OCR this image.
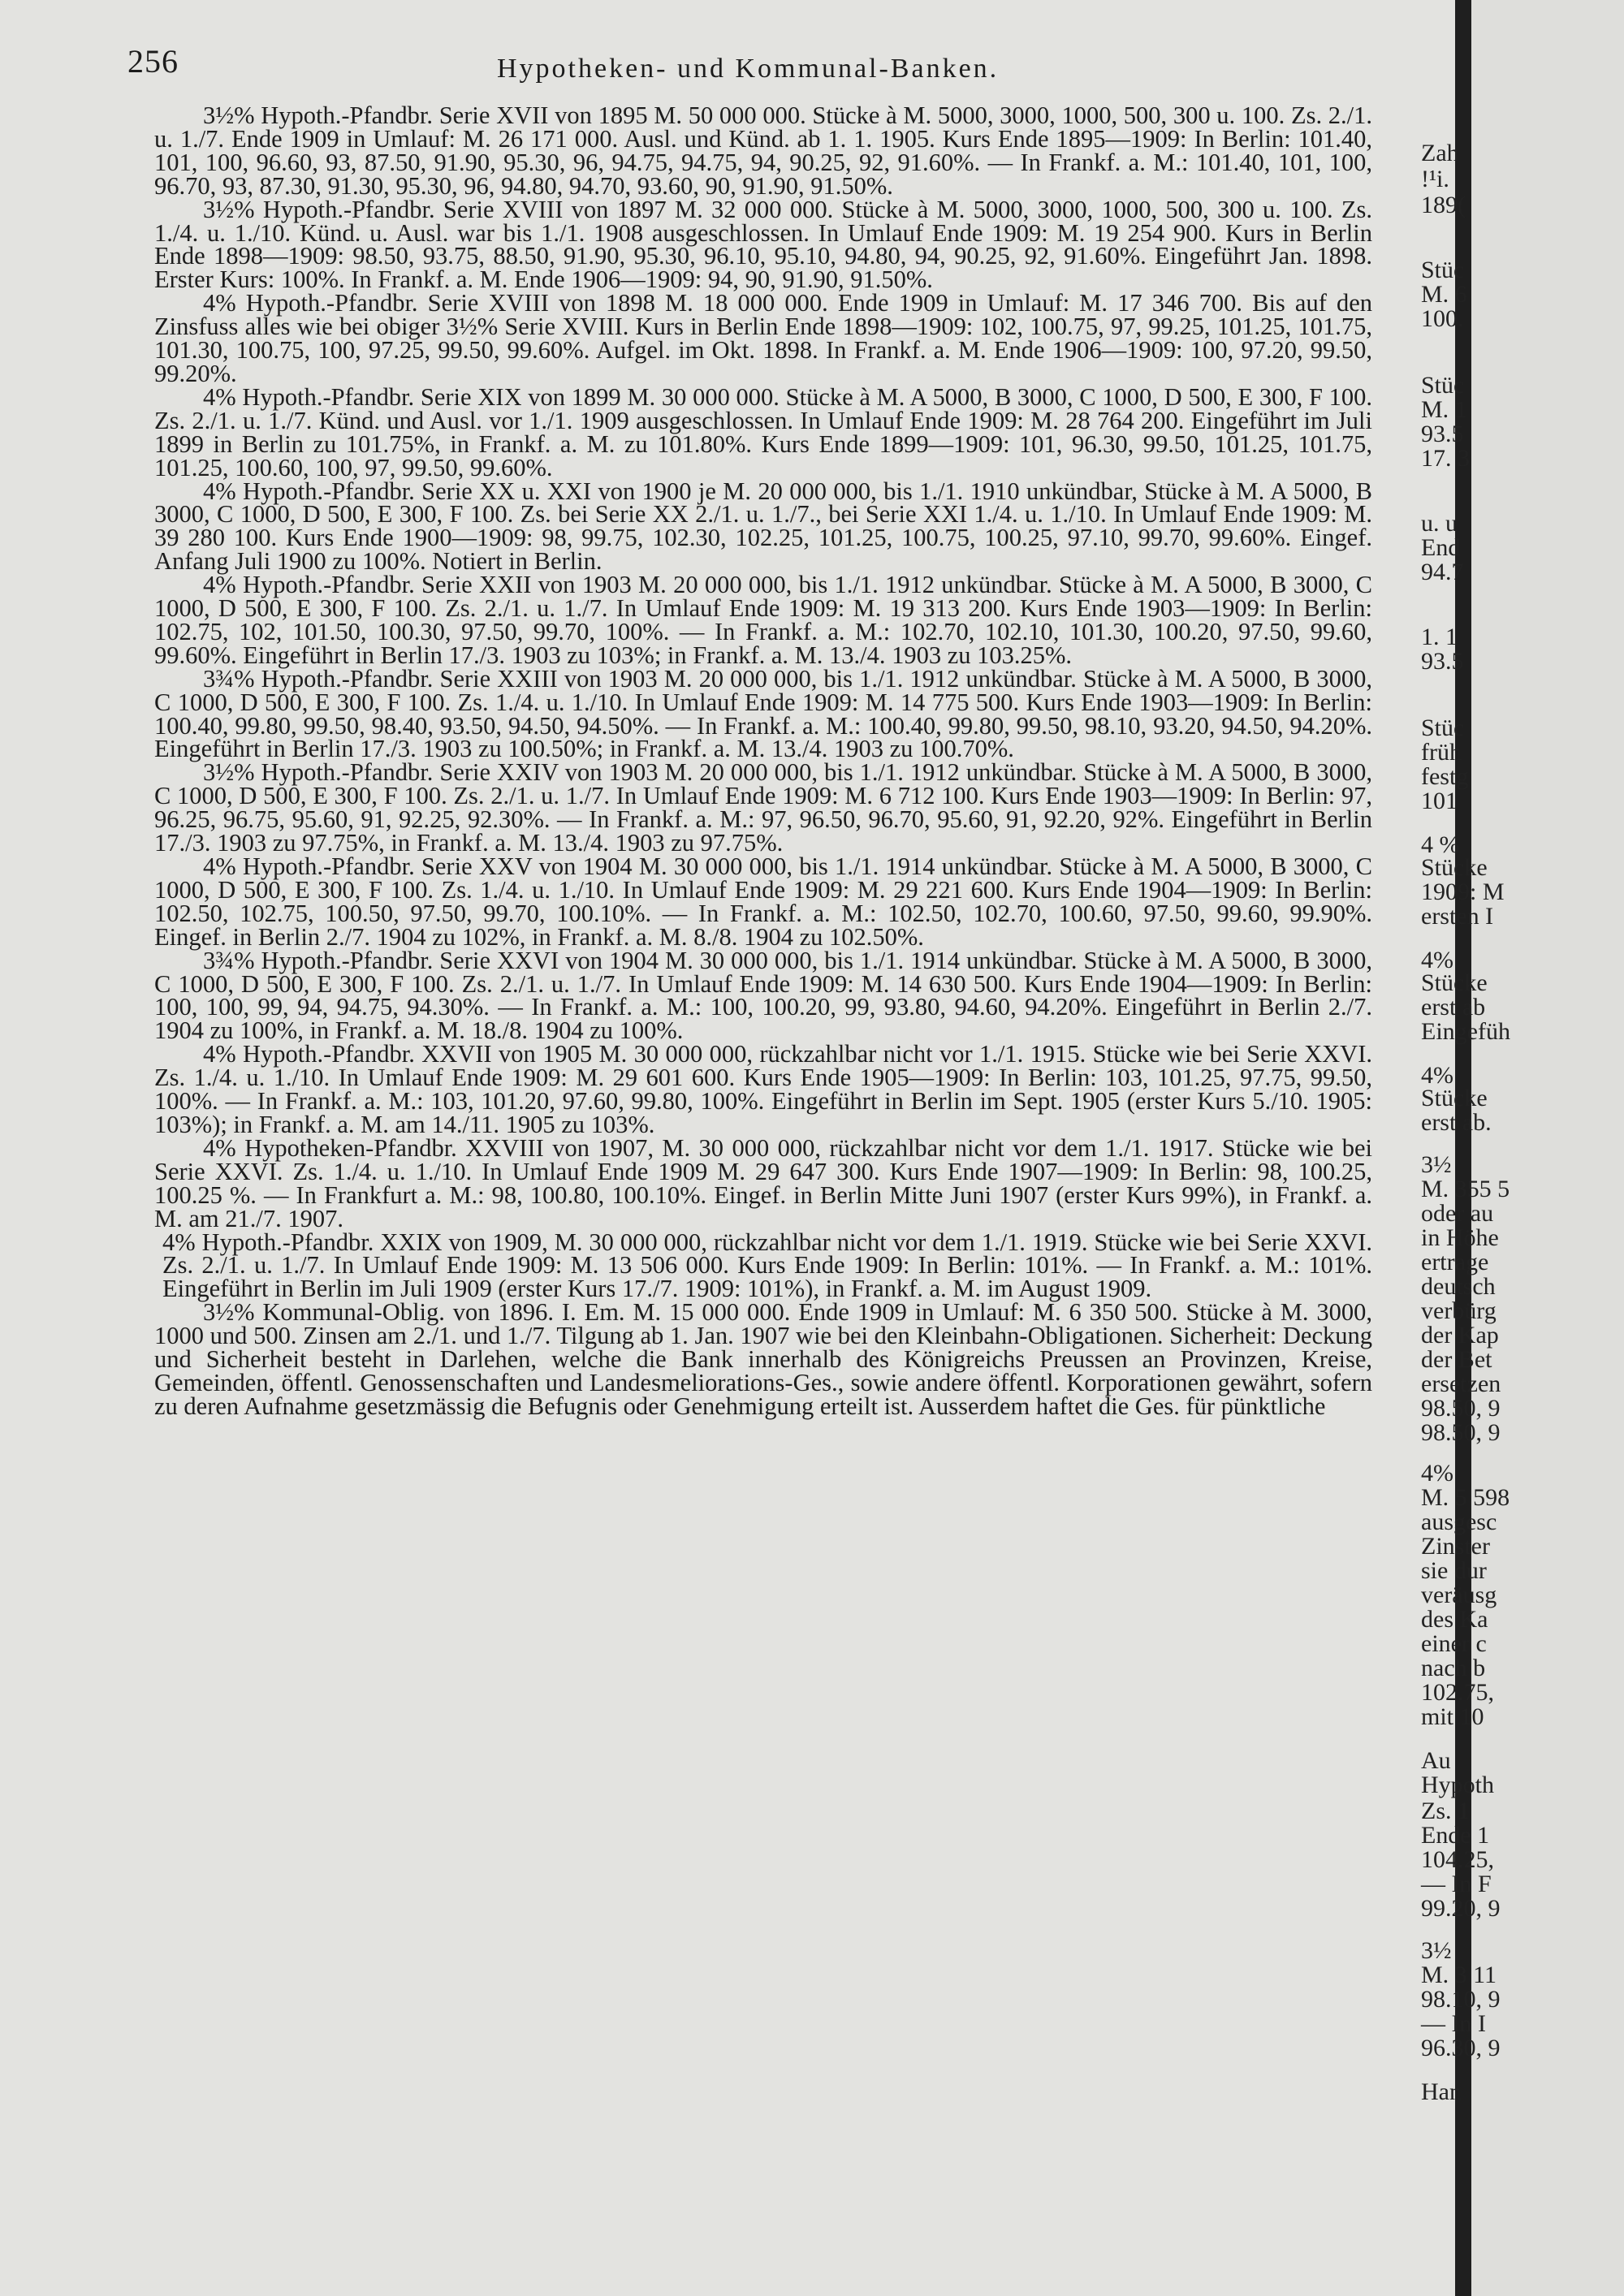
256	Hypotheken- und Kommunal-Banken.

3½% Hypoth.-Pfandbr. Serie XVII von 1895 M. 50 000 000. Stücke à M. 5000, 3000, 1000, 500, 300 u. 100. Zs. 2./1. u. 1./7. Ende 1909 in Umlauf: M. 26 171 000. Ausl. und Künd. ab 1. 1. 1905. Kurs Ende 1895—1909: In Berlin: 101.40, 101, 100, 96.60, 93, 87.50, 91.90, 95.30, 96, 94.75, 94.75, 94, 90.25, 92, 91.60%. — In Frankf. a. M.: 101.40, 101, 100, 96.70, 93, 87.30, 91.30, 95.30, 96, 94.80, 94.70, 93.60, 90, 91.90, 91.50%.

3½% Hypoth.-Pfandbr. Serie XVIII von 1897 M. 32 000 000. Stücke à M. 5000, 3000, 1000, 500, 300 u. 100. Zs. 1./4. u. 1./10. Künd. u. Ausl. war bis 1./1. 1908 ausgeschlossen. In Umlauf Ende 1909: M. 19 254 900. Kurs in Berlin Ende 1898—1909: 98.50, 93.75, 88.50, 91.90, 95.30, 96.10, 95.10, 94.80, 94, 90.25, 92, 91.60%. Eingeführt Jan. 1898. Erster Kurs: 100%. In Frankf. a. M. Ende 1906—1909: 94, 90, 91.90, 91.50%.

4% Hypoth.-Pfandbr. Serie XVIII von 1898 M. 18 000 000. Ende 1909 in Umlauf: M. 17 346 700. Bis auf den Zinsfuss alles wie bei obiger 3½% Serie XVIII. Kurs in Berlin Ende 1898—1909: 102, 100.75, 97, 99.25, 101.25, 101.75, 101.30, 100.75, 100, 97.25, 99.50, 99.60%. Aufgel. im Okt. 1898. In Frankf. a. M. Ende 1906—1909: 100, 97.20, 99.50, 99.20%.

4% Hypoth.-Pfandbr. Serie XIX von 1899 M. 30 000 000. Stücke à M. A 5000, B 3000, C 1000, D 500, E 300, F 100. Zs. 2./1. u. 1./7. Künd. und Ausl. vor 1./1. 1909 ausgeschlossen. In Umlauf Ende 1909: M. 28 764 200. Eingeführt im Juli 1899 in Berlin zu 101.75%, in Frankf. a. M. zu 101.80%. Kurs Ende 1899—1909: 101, 96.30, 99.50, 101.25, 101.75, 101.25, 100.60, 100, 97, 99.50, 99.60%.

4% Hypoth.-Pfandbr. Serie XX u. XXI von 1900 je M. 20 000 000, bis 1./1. 1910 unkündbar, Stücke à M. A 5000, B 3000, C 1000, D 500, E 300, F 100. Zs. bei Serie XX 2./1. u. 1./7., bei Serie XXI 1./4. u. 1./10. In Umlauf Ende 1909: M. 39 280 100. Kurs Ende 1900—1909: 98, 99.75, 102.30, 102.25, 101.25, 100.75, 100.25, 97.10, 99.70, 99.60%. Eingef. Anfang Juli 1900 zu 100%. Notiert in Berlin.

4% Hypoth.-Pfandbr. Serie XXII von 1903 M. 20 000 000, bis 1./1. 1912 unkündbar. Stücke à M. A 5000, B 3000, C 1000, D 500, E 300, F 100. Zs. 2./1. u. 1./7. In Umlauf Ende 1909: M. 19 313 200. Kurs Ende 1903—1909: In Berlin: 102.75, 102, 101.50, 100.30, 97.50, 99.70, 100%. — In Frankf. a. M.: 102.70, 102.10, 101.30, 100.20, 97.50, 99.60, 99.60%. Eingeführt in Berlin 17./3. 1903 zu 103%; in Frankf. a. M. 13./4. 1903 zu 103.25%.

3¾% Hypoth.-Pfandbr. Serie XXIII von 1903 M. 20 000 000, bis 1./1. 1912 unkündbar. Stücke à M. A 5000, B 3000, C 1000, D 500, E 300, F 100. Zs. 1./4. u. 1./10. In Umlauf Ende 1909: M. 14 775 500. Kurs Ende 1903—1909: In Berlin: 100.40, 99.80, 99.50, 98.40, 93.50, 94.50, 94.50%. — In Frankf. a. M.: 100.40, 99.80, 99.50, 98.10, 93.20, 94.50, 94.20%. Eingeführt in Berlin 17./3. 1903 zu 100.50%; in Frankf. a. M. 13./4. 1903 zu 100.70%.

3½% Hypoth.-Pfandbr. Serie XXIV von 1903 M. 20 000 000, bis 1./1. 1912 unkündbar. Stücke à M. A 5000, B 3000, C 1000, D 500, E 300, F 100. Zs. 2./1. u. 1./7. In Umlauf Ende 1909: M. 6 712 100. Kurs Ende 1903—1909: In Berlin: 97, 96.25, 96.75, 95.60, 91, 92.25, 92.30%. — In Frankf. a. M.: 97, 96.50, 96.70, 95.60, 91, 92.20, 92%. Eingeführt in Berlin 17./3. 1903 zu 97.75%, in Frankf. a. M. 13./4. 1903 zu 97.75%.

4% Hypoth.-Pfandbr. Serie XXV von 1904 M. 30 000 000, bis 1./1. 1914 unkündbar. Stücke à M. A 5000, B 3000, C 1000, D 500, E 300, F 100. Zs. 1./4. u. 1./10. In Umlauf Ende 1909: M. 29 221 600. Kurs Ende 1904—1909: In Berlin: 102.50, 102.75, 100.50, 97.50, 99.70, 100.10%. — In Frankf. a. M.: 102.50, 102.70, 100.60, 97.50, 99.60, 99.90%. Eingef. in Berlin 2./7. 1904 zu 102%, in Frankf. a. M. 8./8. 1904 zu 102.50%.

3¾% Hypoth.-Pfandbr. Serie XXVI von 1904 M. 30 000 000, bis 1./1. 1914 unkündbar. Stücke à M. A 5000, B 3000, C 1000, D 500, E 300, F 100. Zs. 2./1. u. 1./7. In Umlauf Ende 1909: M. 14 630 500. Kurs Ende 1904—1909: In Berlin: 100, 100, 99, 94, 94.75, 94.30%. — In Frankf. a. M.: 100, 100.20, 99, 93.80, 94.60, 94.20%. Eingeführt in Berlin 2./7. 1904 zu 100%, in Frankf. a. M. 18./8. 1904 zu 100%.

4% Hypoth.-Pfandbr. XXVII von 1905 M. 30 000 000, rückzahlbar nicht vor 1./1. 1915. Stücke wie bei Serie XXVI. Zs. 1./4. u. 1./10. In Umlauf Ende 1909: M. 29 601 600. Kurs Ende 1905—1909: In Berlin: 103, 101.25, 97.75, 99.50, 100%. — In Frankf. a. M.: 103, 101.20, 97.60, 99.80, 100%. Eingeführt in Berlin im Sept. 1905 (erster Kurs 5./10. 1905: 103%); in Frankf. a. M. am 14./11. 1905 zu 103%.

4% Hypotheken-Pfandbr. XXVIII von 1907, M. 30 000 000, rückzahlbar nicht vor dem 1./1. 1917. Stücke wie bei Serie XXVI. Zs. 1./4. u. 1./10. In Umlauf Ende 1909 M. 29 647 300. Kurs Ende 1907—1909: In Berlin: 98, 100.25, 100.25 %. — In Frankfurt a. M.: 98, 100.80, 100.10%. Eingef. in Berlin Mitte Juni 1907 (erster Kurs 99%), in Frankf. a. M. am 21./7. 1907.

4% Hypoth.-Pfandbr. XXIX von 1909, M. 30 000 000, rückzahlbar nicht vor dem 1./1. 1919. Stücke wie bei Serie XXVI. Zs. 2./1. u. 1./7. In Umlauf Ende 1909: M. 13 506 000. Kurs Ende 1909: In Berlin: 101%. — In Frankf. a. M.: 101%. Eingeführt in Berlin im Juli 1909 (erster Kurs 17./7. 1909: 101%), in Frankf. a. M. im August 1909.

3½% Kommunal-Oblig. von 1896. I. Em. M. 15 000 000. Ende 1909 in Umlauf: M. 6 350 500. Stücke à M. 3000, 1000 und 500. Zinsen am 2./1. und 1./7. Tilgung ab 1. Jan. 1907 wie bei den Kleinbahn-Obligationen. Sicherheit: Deckung und Sicherheit besteht in Darlehen, welche die Bank innerhalb des Königreichs Preussen an Provinzen, Kreise, Gemeinden, öffentl. Genossenschaften und Landesmeliorations-Ges., sowie andere öffentl. Korporationen gewährt, sofern zu deren Aufnahme gesetzmässig die Befugnis oder Genehmigung erteilt ist. Ausserdem haftet die Ges. für pünktliche

Zah
!¹i.
189(
Stüc
M. 6
100.
Stüc
M. 1
93.5
17. 3
u. u
End
94.7
1. 1
93.5
Stüc
früh
festg
101
4 %
Stücke
1909: M
ersten I
4%
Stücke
erst ab
Eingefüh
4%
Stücke
erst ab.
3½
M. 355 5
oder au
in Höhe
ertrage
deutsch
verbürg
der Kap
der Bet
ersetzen
98.50, 9
98.50, 9
4%
M. 5 598
ausgesc
Zinster
sie dur
veräusg
des Ka
einer c
nach b
102.75,
mit 10
Au
Hypoth
Zs. 1
Ende 1
104.25,
— In F
99.20, 9
3½
M. 3 11
98.10, 9
— In I
96.30, 9
Han
